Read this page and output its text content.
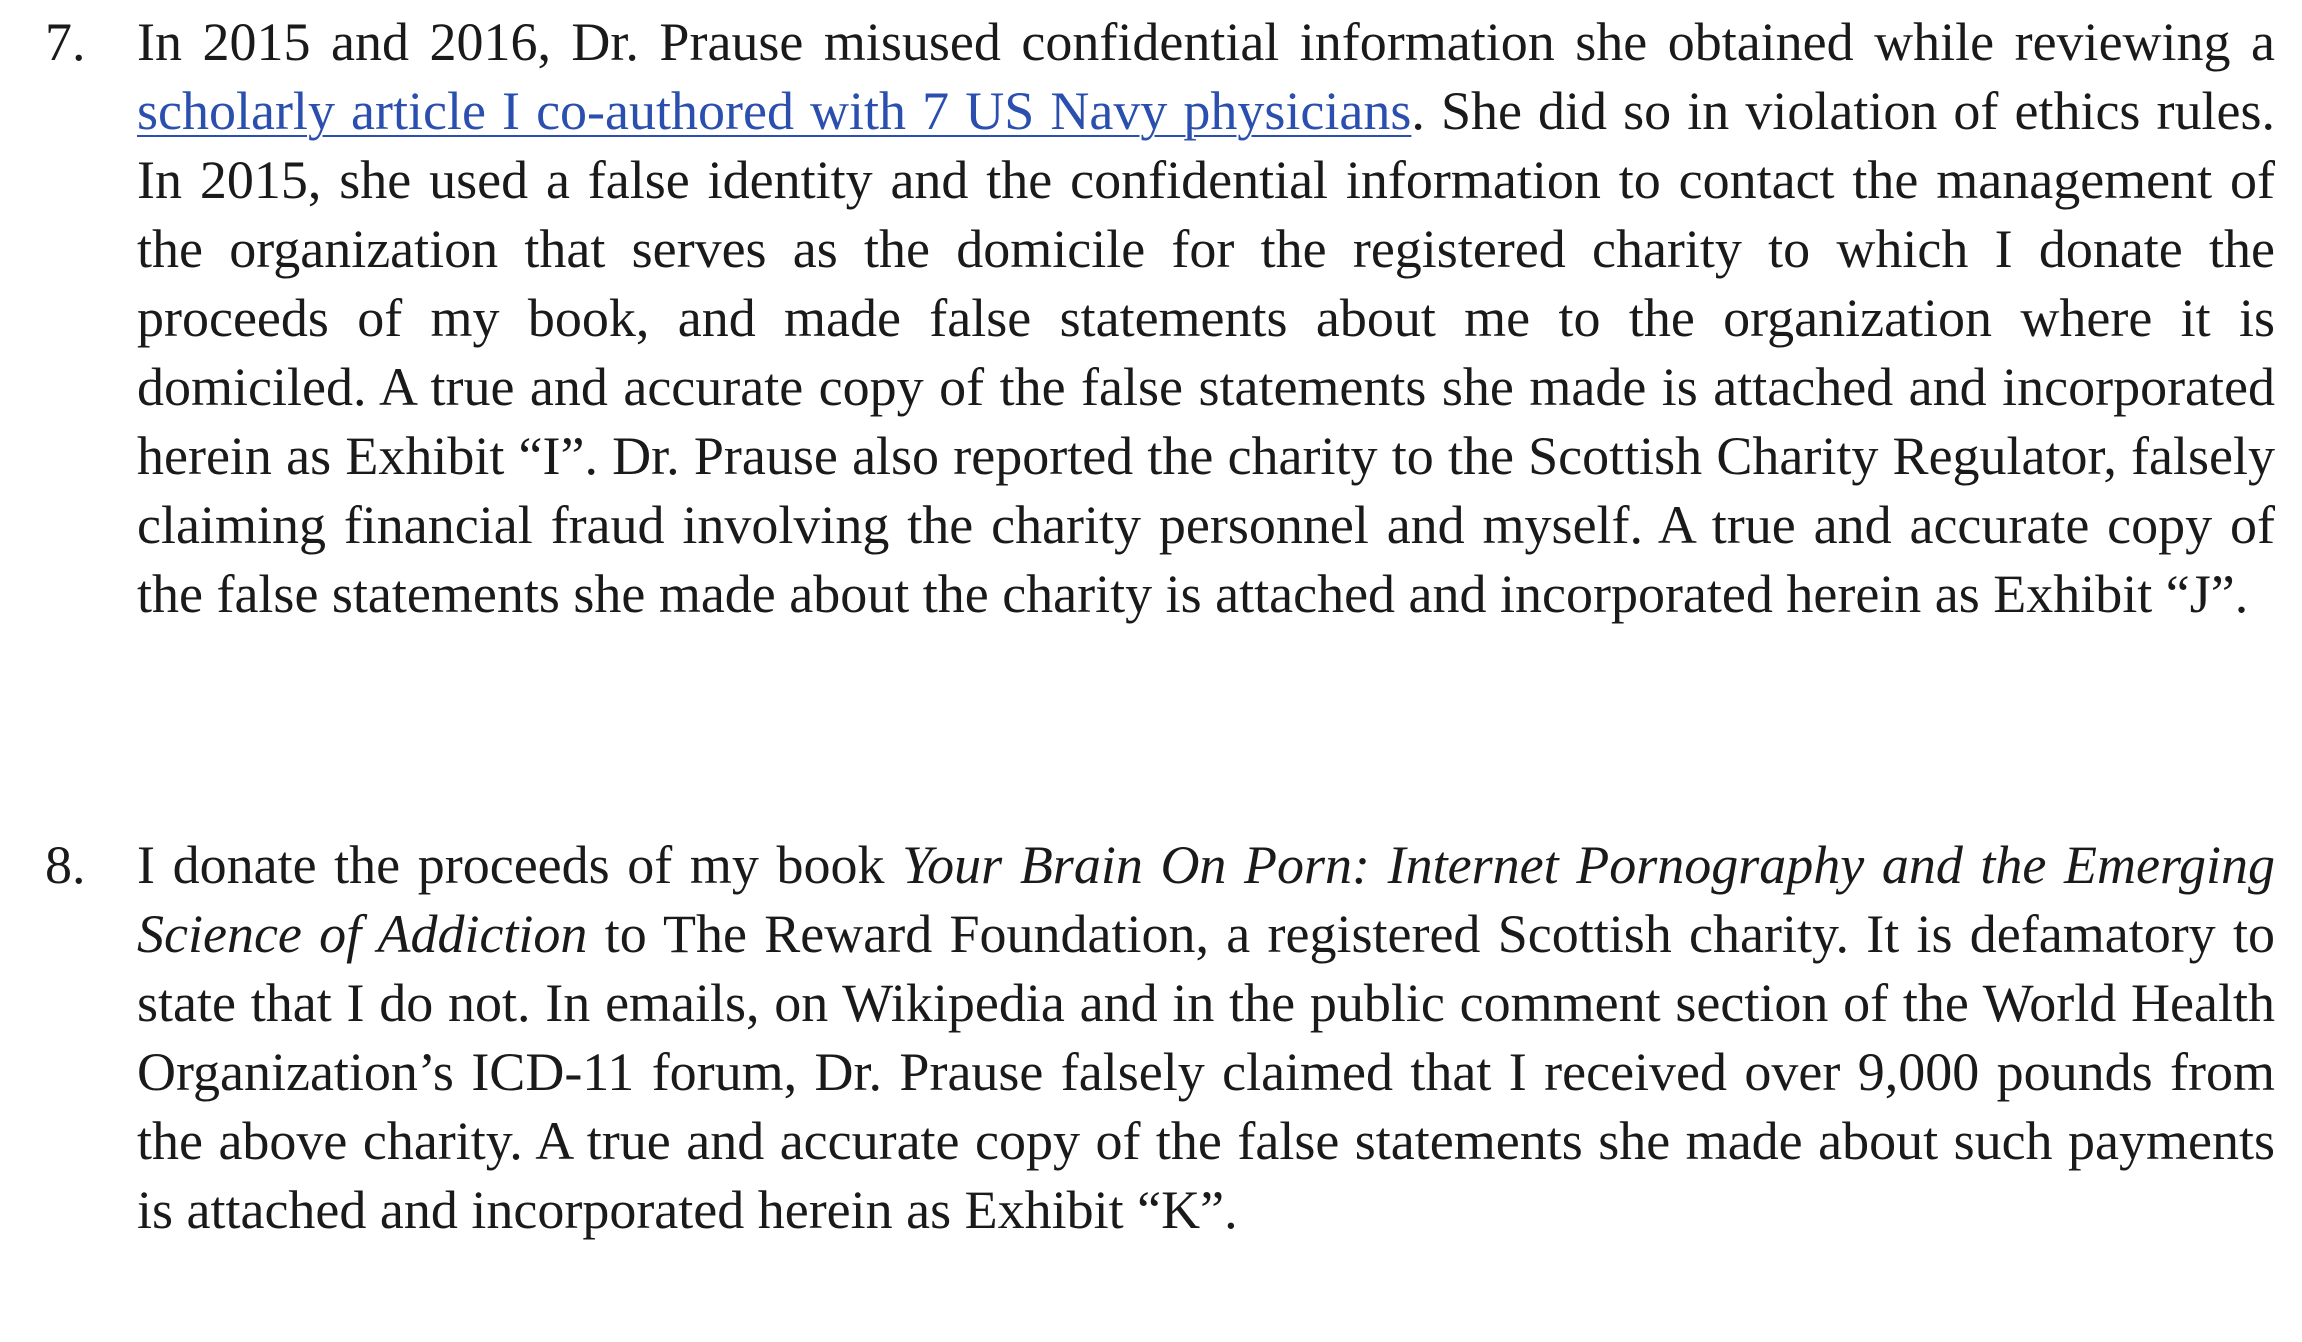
7. In 2015 and 2016, Dr. Prause misused confidential information she obtained while reviewing a scholarly article I co-authored with 7 US Navy physicians. She did so in violation of ethics rules. In 2015, she used a false identity and the confidential information to contact the management of the organization that serves as the domicile for the registered charity to which I donate the proceeds of my book, and made false statements about me to the organization where it is domiciled. A true and accurate copy of the false statements she made is attached and incorporated herein as Exhibit “I”. Dr. Prause also reported the charity to the Scottish Charity Regulator, falsely claiming financial fraud involving the charity personnel and myself. A true and accurate copy of the false statements she made about the charity is attached and incorporated herein as Exhibit “J”.
8. I donate the proceeds of my book Your Brain On Porn: Internet Pornography and the Emerging Science of Addiction to The Reward Foundation, a registered Scottish charity. It is defamatory to state that I do not. In emails, on Wikipedia and in the public comment section of the World Health Organization’s ICD-11 forum, Dr. Prause falsely claimed that I received over 9,000 pounds from the above charity. A true and accurate copy of the false statements she made about such payments is attached and incorporated herein as Exhibit “K”.
